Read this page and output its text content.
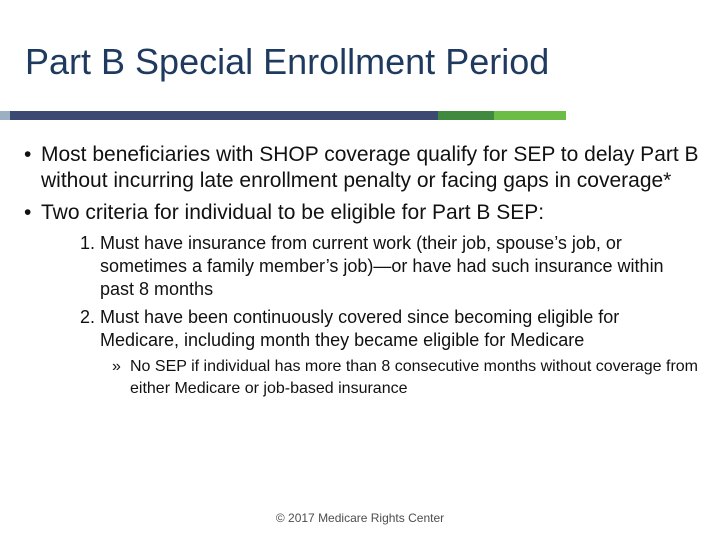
Part B Special Enrollment Period
• Most beneficiaries with SHOP coverage qualify for SEP to delay Part B without incurring late enrollment penalty or facing gaps in coverage*
• Two criteria for individual to be eligible for Part B SEP:
1. Must have insurance from current work (their job, spouse’s job, or sometimes a family member’s job)—or have had such insurance within past 8 months
2. Must have been continuously covered since becoming eligible for Medicare, including month they became eligible for Medicare
» No SEP if individual has more than 8 consecutive months without coverage from either Medicare or job-based insurance
© 2017 Medicare Rights Center
